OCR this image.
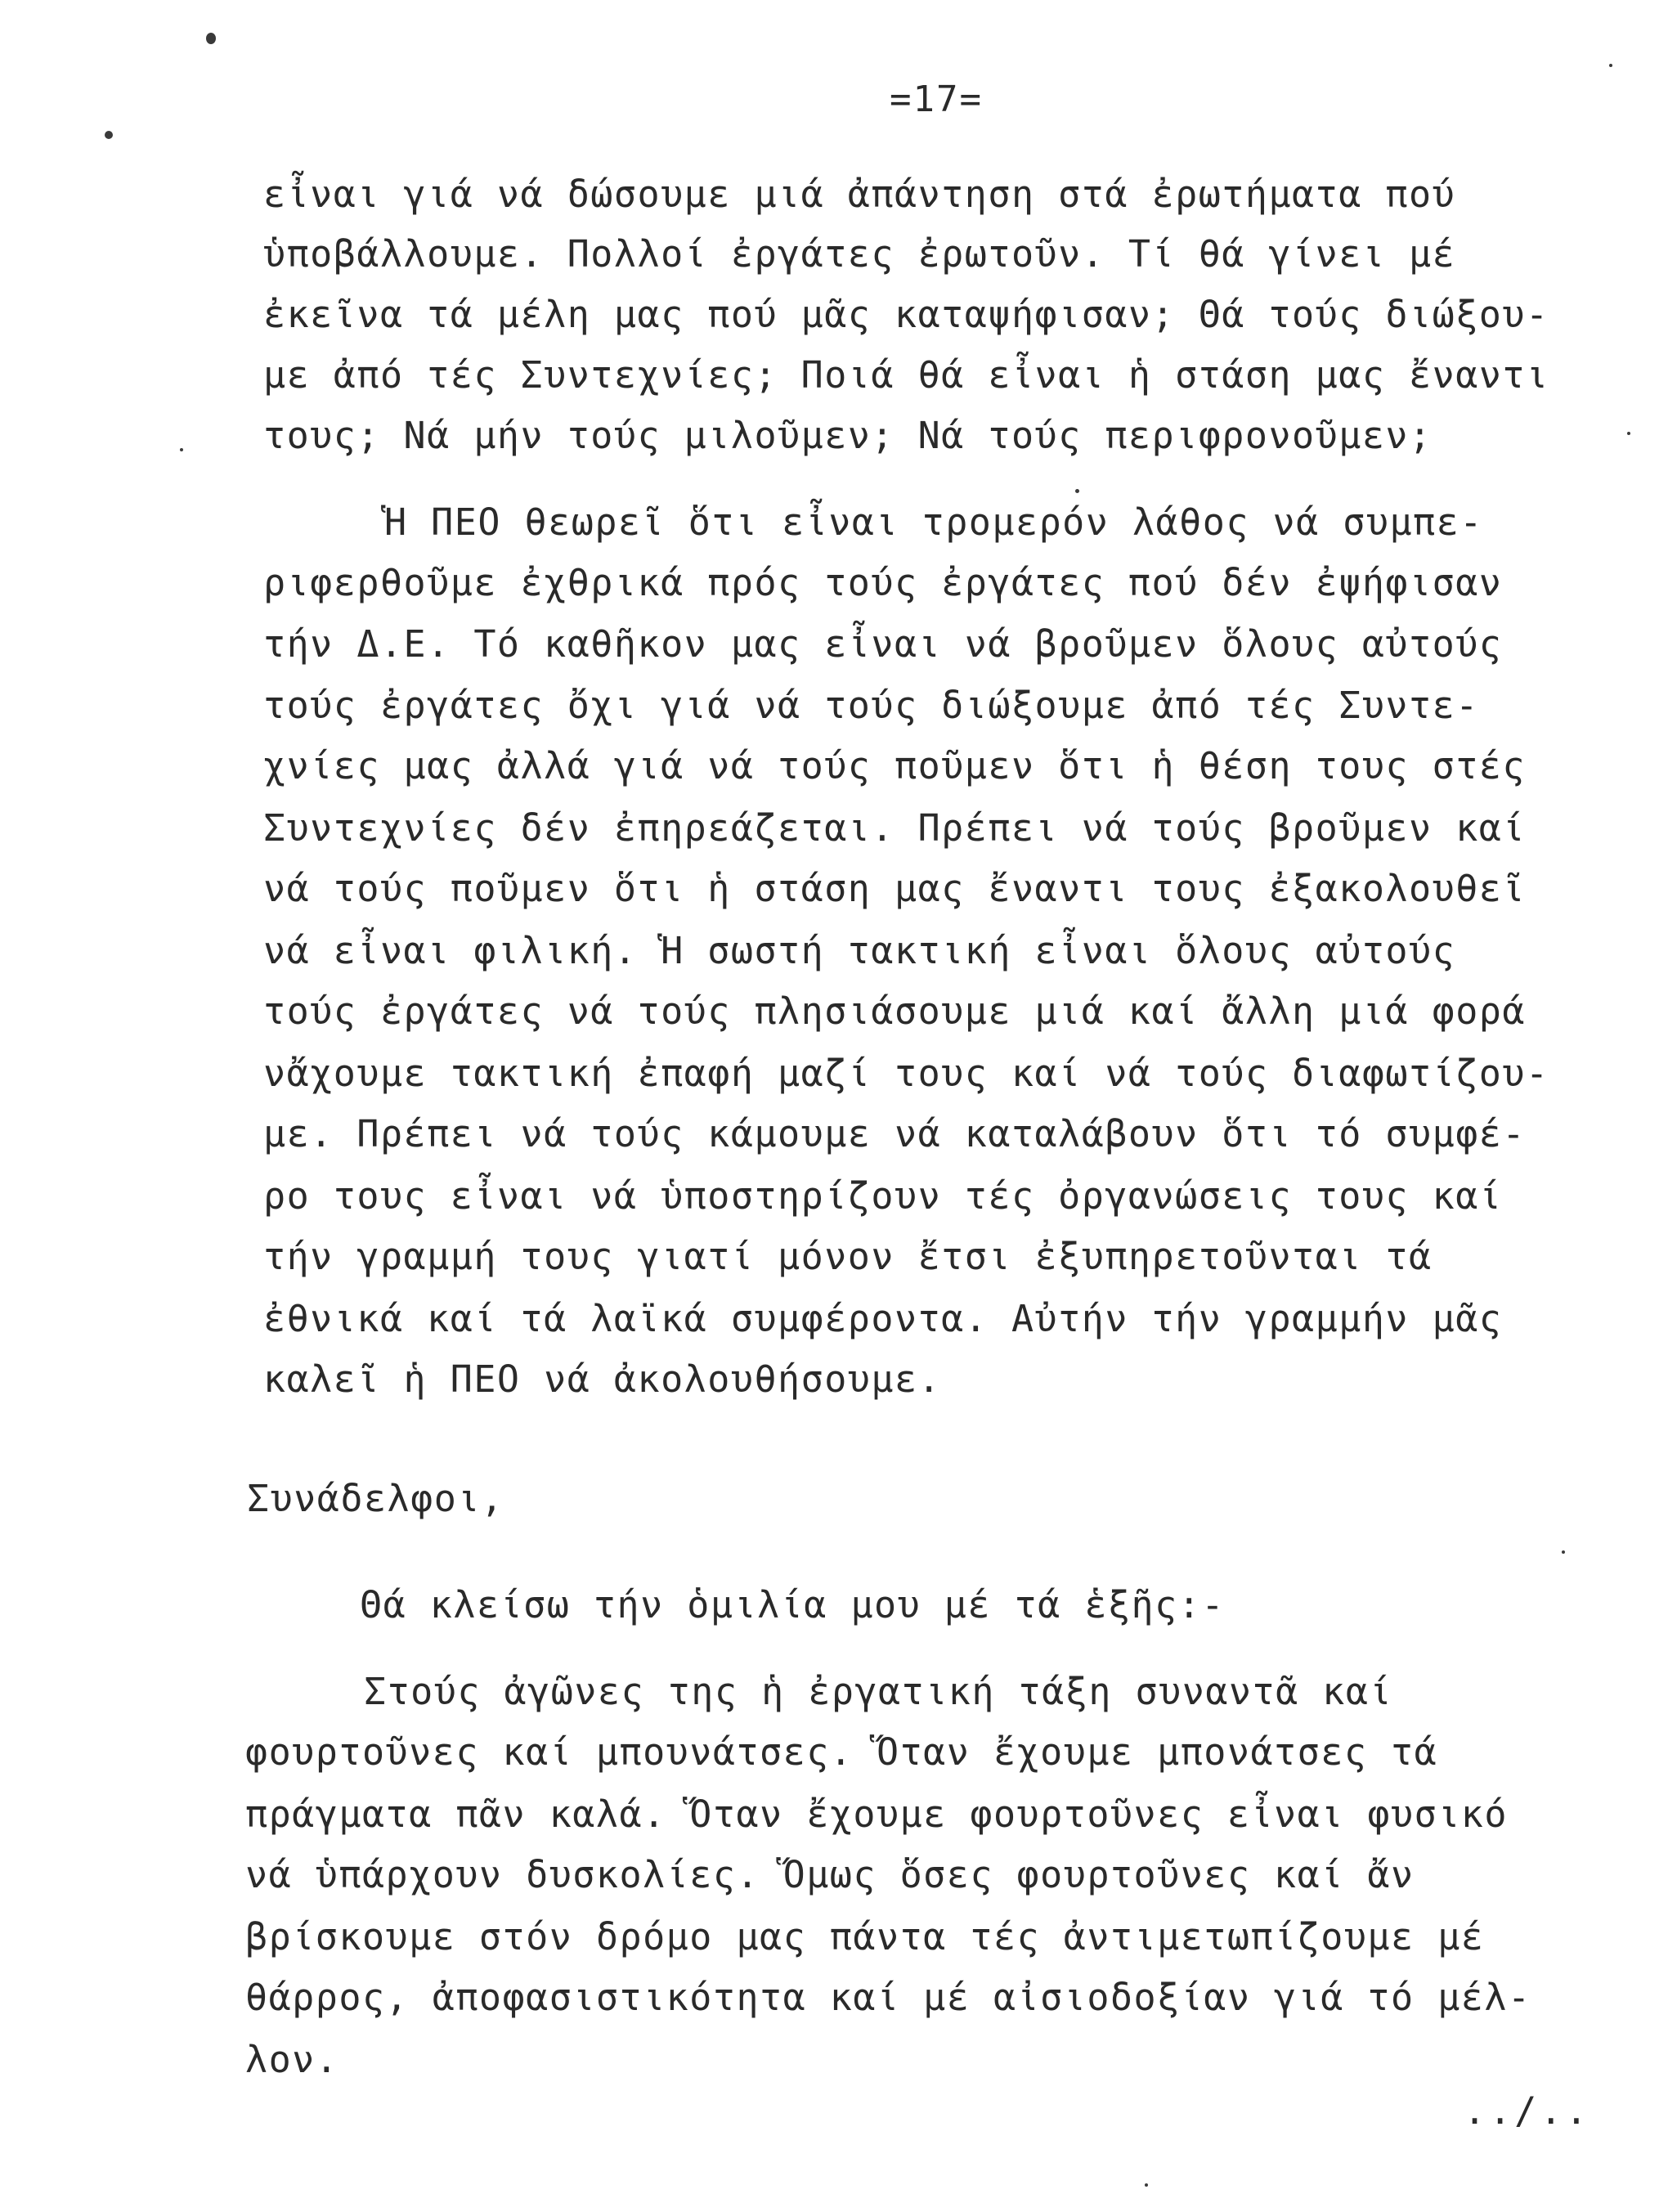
=17=
εἶναι γιά νά δώσουμε μιά ἀπάντηση στά ἐρωτήματα πού
ὑποβάλλουμε. Πολλοί ἐργάτες ἐρωτοῦν. Τί θά γίνει μέ
ἐκεῖνα τά μέλη μας πού μᾶς καταψήφισαν; Θά τούς διώξου-
με ἀπό τές Συντεχνίες; Ποιά θά εἶναι ἡ στάση μας ἔναντι
τους; Νά μήν τούς μιλοῦμεν; Νά τούς περιφρονοῦμεν;
Ἡ ΠΕΟ θεωρεῖ ὅτι εἶναι τρομερόν λάθος νά συμπε-
ριφερθοῦμε ἐχθρικά πρός τούς ἐργάτες πού δέν ἐψήφισαν
τήν Δ.Ε. Τό καθῆκον μας εἶναι νά βροῦμεν ὅλους αὐτούς
τούς ἐργάτες ὄχι γιά νά τούς διώξουμε ἀπό τές Συντε-
χνίες μας ἀλλά γιά νά τούς ποῦμεν ὅτι ἡ θέση τους στές
Συντεχνίες δέν ἐπηρεάζεται. Πρέπει νά τούς βροῦμεν καί
νά τούς ποῦμεν ὅτι ἡ στάση μας ἔναντι τους ἐξακολουθεῖ
νά εἶναι φιλική. Ἡ σωστή τακτική εἶναι ὅλους αὐτούς
τούς ἐργάτες νά τούς πλησιάσουμε μιά καί ἄλλη μιά φορά
νἄχουμε τακτική ἐπαφή μαζί τους καί νά τούς διαφωτίζου-
με. Πρέπει νά τούς κάμουμε νά καταλάβουν ὅτι τό συμφέ-
ρο τους εἶναι νά ὑποστηρίζουν τές ὀργανώσεις τους καί
τήν γραμμή τους γιατί μόνον ἔτσι ἐξυπηρετοῦνται τά
ἐθνικά καί τά λαϊκά συμφέροντα. Αὐτήν τήν γραμμήν μᾶς
καλεῖ ἡ ΠΕΟ νά ἀκολουθήσουμε.
Συνάδελφοι,
Θά κλείσω τήν ὁμιλία μου μέ τά ἑξῆς:-
Στούς ἀγῶνες της ἡ ἐργατική τάξη συναντᾶ καί
φουρτοῦνες καί μπουνάτσες. Ὅταν ἔχουμε μπονάτσες τά
πράγματα πᾶν καλά. Ὅταν ἔχουμε φουρτοῦνες εἶναι φυσικό
νά ὑπάρχουν δυσκολίες. Ὅμως ὅσες φουρτοῦνες καί ἄν
βρίσκουμε στόν δρόμο μας πάντα τές ἀντιμετωπίζουμε μέ
θάρρος, ἀποφασιστικότητα καί μέ αἰσιοδοξίαν γιά τό μέλ-
λον.
../..
